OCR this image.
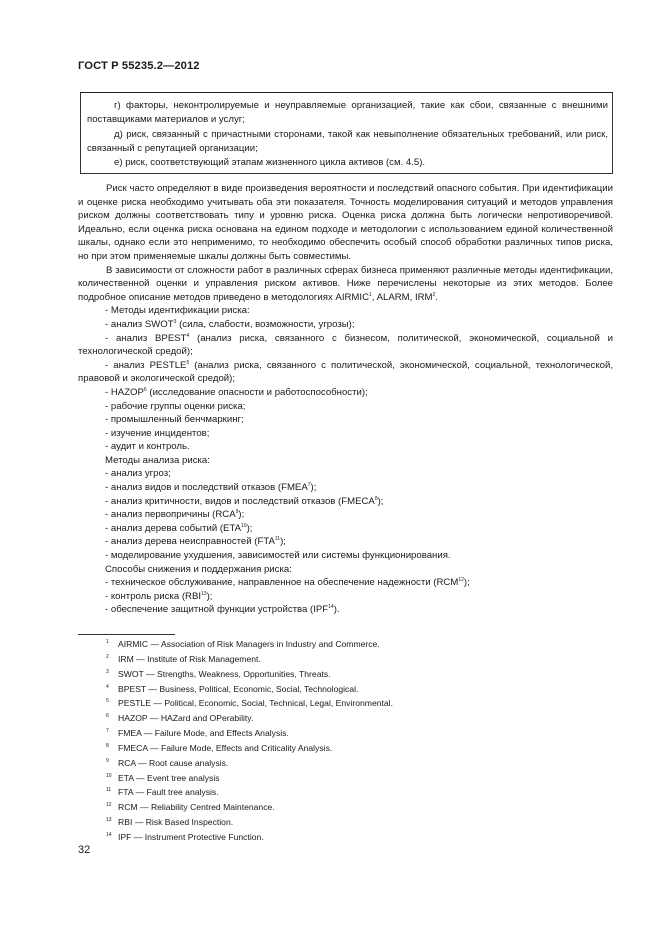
ГОСТ Р 55235.2—2012

г) факторы, неконтролируемые и неуправляемые организацией, такие как сбои, связанные с внешними поставщиками материалов и услуг;

д) риск, связанный с причастными сторонами, такой как невыполнение обязательных требований, или риск, связанный с репутацией организации;

е) риск, соответствующий этапам жизненного цикла активов (см. 4.5).

Риск часто определяют в виде произведения вероятности и последствий опасного события. При идентификации и оценке риска необходимо учитывать оба эти показателя. Точность моделирования ситуаций и методов управления риском должны соответствовать типу и уровню риска. Оценка риска должна быть логически непротиворечивой. Идеально, если оценка риска основана на едином подходе и методологии с использованием единой количественной шкалы, однако если это неприменимо, то необходимо обеспечить особый способ обработки различных типов риска, но при этом применяемые шкалы должны быть совместимы.

В зависимости от сложности работ в различных сферах бизнеса применяют различные методы идентификации, количественной оценки и управления риском активов. Ниже перечислены некоторые из этих методов. Более подробное описание методов приведено в методологиях AIRMIC$^1$, ALARM, IRM$^2$.

- Методы идентификации риска:
- анализ SWOT$^3$ (сила, слабости, возможности, угрозы);
- анализ BPEST$^4$ (анализ риска, связанного с бизнесом, политической, экономической, социальной и технологической средой);
- анализ PESTLE$^5$ (анализ риска, связанного с политической, экономической, социальной, технологической, правовой и экологической средой);
- HAZOP$^6$ (исследование опасности и работоспособности);
- рабочие группы оценки риска;
- промышленный бенчмаркинг;
- изучение инцидентов;
- аудит и контроль.
Методы анализа риска:
- анализ угроз;
- анализ видов и последствий отказов (FMEA$^7$);
- анализ критичности, видов и последствий отказов (FMECA$^8$);
- анализ первопричины (RCA$^9$);
- анализ дерева событий (ETA$^{10}$);
- анализ дерева неисправностей (FTA$^{11}$);
- моделирование ухудшения, зависимостей или системы функционирования.
Способы снижения и поддержания риска:
- техническое обслуживание, направленное на обеспечение надежности (RCM$^{12}$);
- контроль риска (RBI$^{13}$);
- обеспечение защитной функции устройства (IPF$^{14}$).
1 AIRMIC — Association of Risk Managers in Industry and Commerce.
2 IRM — Institute of Risk Management.
3 SWOT — Strengths, Weakness, Opportunities, Threats.
4 BPEST — Business, Political, Economic, Social, Technological.
5 PESTLE — Political, Economic, Social, Technical, Legal, Environmental.
6 HAZOP — HAZard and OPerability.
7 FMEA — Failure Mode, and Effects Analysis.
8 FMECA — Failure Mode, Effects and Criticality Analysis.
9 RCA — Root cause analysis.
10 ETA — Event tree analysis
11 FTA — Fault tree analysis.
12 RCM — Reliability Centred Maintenance.
13 RBI — Risk Based Inspection.
14 IPF — Instrument Protective Function.
32
